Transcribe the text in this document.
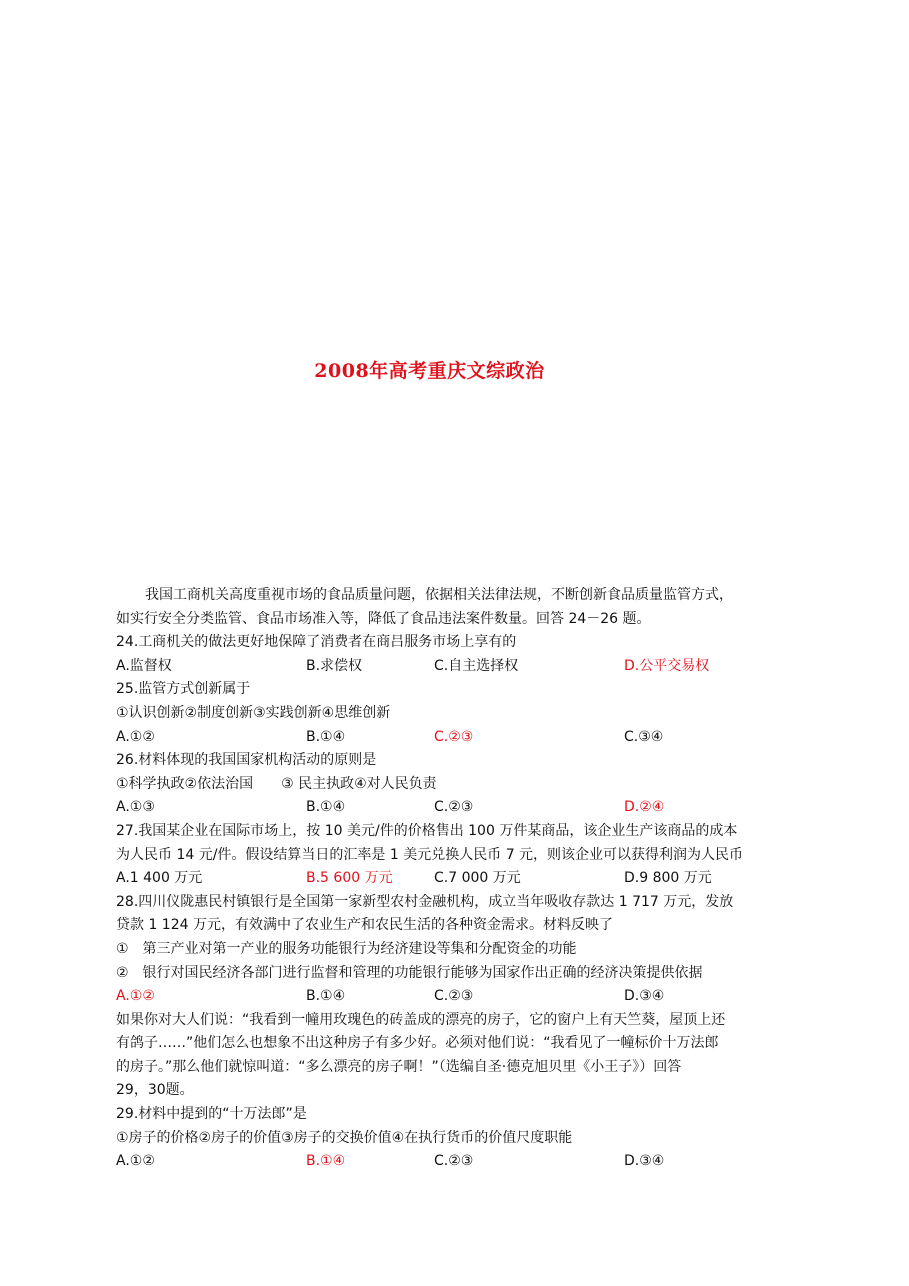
2008年高考重庆文综政治
我国工商机关高度重视市场的食品质量问题，依据相关法律法规，不断创新食品质量监管方式，
如实行安全分类监管、食品市场准入等，降低了食品违法案件数量。回答 24－26 题。
24.工商机关的做法更好地保障了消费者在商吕服务市场上享有的
A.监督权	B.求偿权	C.自主选择权	D.公平交易权
25.监管方式创新属于
①认识创新②制度创新③实践创新④思维创新
A.①②	B.①④	C.②③	C.③④
26.材料体现的我国国家机构活动的原则是
①科学执政②依法治国　　③ 民主执政④对人民负责
A.①③	B.①④	C.②③	D.②④
27.我国某企业在国际市场上，按 10 美元/件的价格售出 100 万件某商品，该企业生产该商品的成本
为人民币 14 元/件。假设结算当日的汇率是 1 美元兑换人民币 7 元，则该企业可以获得利润为人民币
A.1 400 万元	B.5 600 万元	C.7 000 万元	D.9 800 万元
28.四川仪陇惠民村镇银行是全国第一家新型农村金融机构，成立当年吸收存款达 1 717 万元，发放
贷款 1 124 万元，有效满中了农业生产和农民生活的各种资金需求。材料反映了
①　第三产业对第一产业的服务功能银行为经济建设等集和分配资金的功能
②　银行对国民经济各部门进行监督和管理的功能银行能够为国家作出正确的经济决策提供依据
A.①②	B.①④	C.②③	D.③④
如果你对大人们说：“我看到一幢用玫瑰色的砖盖成的漂亮的房子，它的窗户上有天竺葵，屋顶上还
有鸽子……”他们怎么也想象不出这种房子有多少好。必须对他们说：“我看见了一幢标价十万法郎
的房子。”那么他们就惊叫道：“多么漂亮的房子啊！”（选编自圣·德克旭贝里《小王子》）回答
29，30题。
29.材料中提到的“十万法郎”是
①房子的价格②房子的价值③房子的交换价值④在执行货币的价值尺度职能
A.①②	B.①④	C.②③	D.③④
